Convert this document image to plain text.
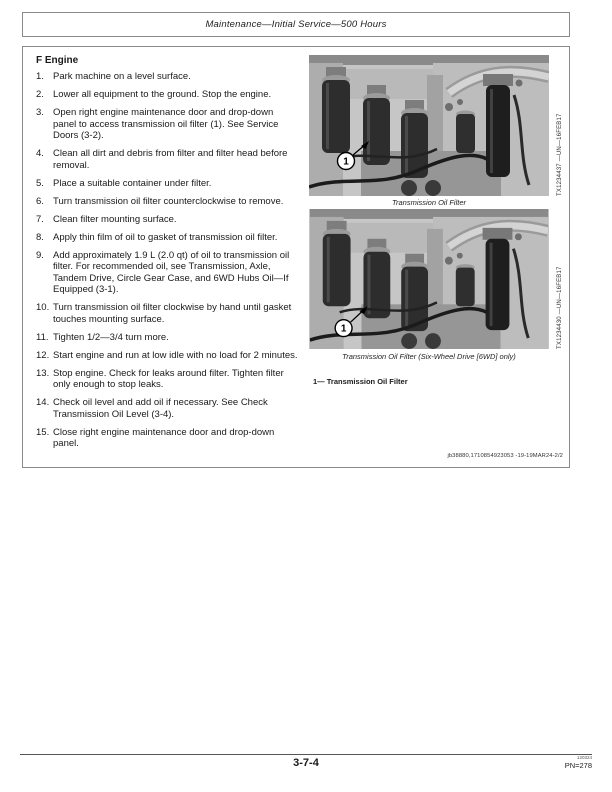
Maintenance—Initial Service—500 Hours
F Engine
1. Park machine on a level surface.
2. Lower all equipment to the ground. Stop the engine.
3. Open right engine maintenance door and drop-down panel to access transmission oil filter (1). See Service Doors (3-2).
4. Clean all dirt and debris from filter and filter head before removal.
5. Place a suitable container under filter.
6. Turn transmission oil filter counterclockwise to remove.
7. Clean filter mounting surface.
8. Apply thin film of oil to gasket of transmission oil filter.
9. Add approximately 1.9 L (2.0 qt) of oil to transmission oil filter. For recommended oil, see Transmission, Axle, Tandem Drive, Circle Gear Case, and 6WD Hubs Oil—If Equipped (3-1).
10. Turn transmission oil filter clockwise by hand until gasket touches mounting surface.
11. Tighten 1/2—3/4 turn more.
12. Start engine and run at low idle with no load for 2 minutes.
13. Stop engine. Check for leaks around filter. Tighten filter only enough to stop leaks.
14. Check oil level and add oil if necessary. See Check Transmission Oil Level (3-4).
15. Close right engine maintenance door and drop-down panel.
1	TX1234437 —UN—16FEB17
Transmission Oil Filter
1	TX1234430 —UN—16FEB17
Transmission Oil Filter (Six-Wheel Drive [6WD] only)
1— Transmission Oil Filter
jb38880,1710854923053 -19-19MAR24-2/2
3-7-4	120324
PN=278
